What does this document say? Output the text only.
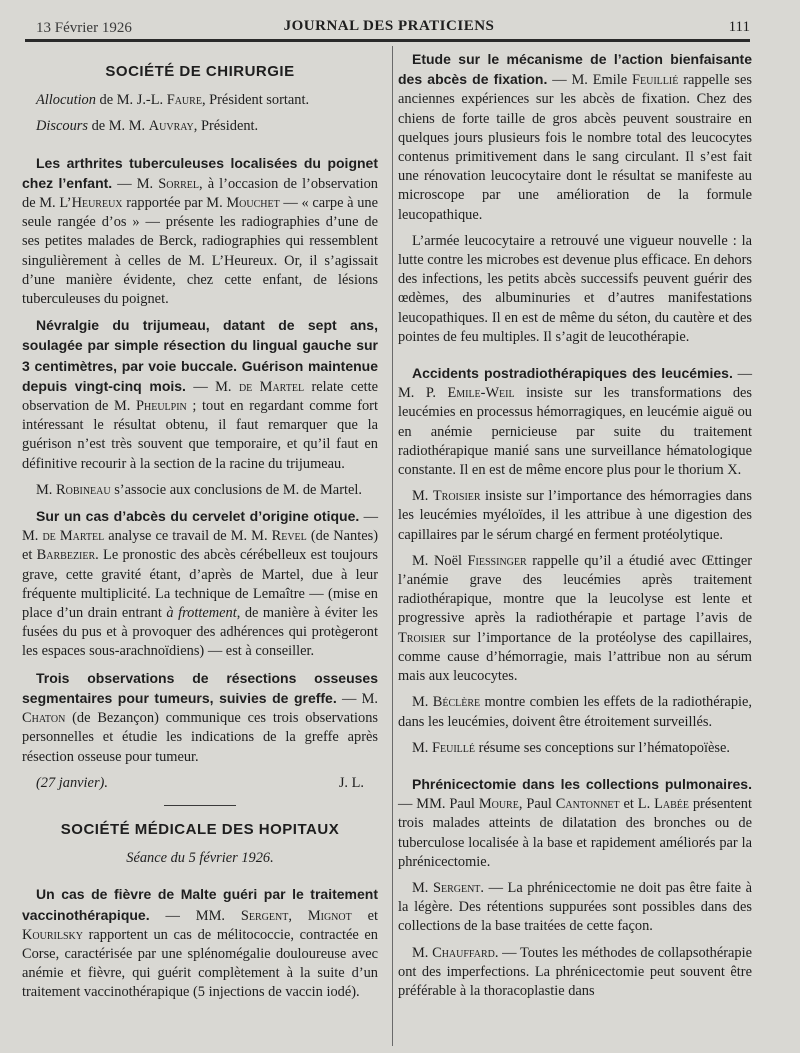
13 Février 1926	JOURNAL DES PRATICIENS	111
SOCIÉTÉ DE CHIRURGIE

Allocution de M. J.-L. Faure, Président sortant.

Discours de M. M. Auvray, Président.

Les arthrites tuberculeuses localisées du poignet chez l’enfant. — M. Sorrel, à l’occasion de l’observation de M. L’Heureux rapportée par M. Mouchet — « carpe à une seule rangée d’os » — présente les radiographies d’une de ses petites malades de Berck, radiographies qui ressemblent singulièrement à celles de M. L’Heureux. Or, il s’agissait d’une manière évidente, chez cette enfant, de lésions tuberculeuses du poignet.

Névralgie du trijumeau, datant de sept ans, soulagée par simple résection du lingual gauche sur 3 centimètres, par voie buccale. Guérison maintenue depuis vingt-cinq mois. — M. de Martel relate cette observation de M. Pheulpin ; tout en regardant comme fort intéressant le résultat obtenu, il faut remarquer que la guérison n’est très souvent que temporaire, et qu’il faut en définitive recourir à la section de la racine du trijumeau.

M. Robineau s’associe aux conclusions de M. de Martel.

Sur un cas d’abcès du cervelet d’origine otique. — M. de Martel analyse ce travail de M. M. Revel (de Nantes) et Barbezier. Le pronostic des abcès cérébelleux est toujours grave, cette gravité étant, d’après de Martel, due à leur fréquente multiplicité. La technique de Lemaître — (mise en place d’un drain entrant à frottement, de manière à éviter les fusées du pus et à provoquer des adhérences qui protègeront les espaces sous-arachnoïdiens) — est à conseiller.

Trois observations de résections osseuses segmentaires pour tumeurs, suivies de greffe. — M. Chaton (de Bezançon) communique ces trois observations personnelles et étudie les indications de la greffe après résection osseuse pour tumeur.

(27 janvier).	J. L.
SOCIÉTÉ MÉDICALE DES HOPITAUX

Séance du 5 février 1926.

Un cas de fièvre de Malte guéri par le traitement vaccinothérapique. — MM. Sergent, Mignot et Kourilsky rapportent un cas de mélitococcie, contractée en Corse, caractérisée par une splénomégalie douloureuse avec anémie et fièvre, qui guérit complètement à la suite d’un traitement vaccinothérapique (5 injections de vaccin iodé).

Etude sur le mécanisme de l’action bienfaisante des abcès de fixation. — M. Emile Feuillié rappelle ses anciennes expériences sur les abcès de fixation. Chez des chiens de forte taille de gros abcès peuvent soustraire en quelques jours plusieurs fois le nombre total des leucocytes contenus primitivement dans le sang circulant. Il s’est fait une rénovation leucocytaire dont le résultat se manifeste au microscope par une amélioration de la formule leucopathique.

L’armée leucocytaire a retrouvé une vigueur nouvelle : la lutte contre les microbes est devenue plus efficace. En dehors des infections, les petits abcès successifs peuvent guérir des œdèmes, des albuminuries et d’autres manifestations leucopathiques. Il en est de même du séton, du cautère et des pointes de feu multiples. Il s’agit de leucothérapie.

Accidents postradiothérapiques des leucémies. — M. P. Emile-Weil insiste sur les transformations des leucémies en processus hémorragiques, en leucémie aiguë ou en anémie pernicieuse par suite du traitement radiothérapique manié sans une surveillance hématologique constante. Il en est de même encore plus pour le thorium X.

M. Troisier insiste sur l’importance des hémorragies dans les leucémies myéloïdes, il les attribue à une digestion des capillaires par le sérum chargé en ferment protéolytique.

M. Noël Fiessinger rappelle qu’il a étudié avec Œttinger l’anémie grave des leucémies après traitement radiothérapique, montre que la leucolyse est lente et progressive après la radiothérapie et partage l’avis de Troisier sur l’importance de la protéolyse des capillaires, comme cause d’hémorragie, mais l’attribue non au sérum mais aux leucocytes.

M. Béclère montre combien les effets de la radiothérapie, dans les leucémies, doivent être étroitement surveillés.

M. Feuillé résume ses conceptions sur l’hématopoïèse.

Phrénicectomie dans les collections pulmonaires. — MM. Paul Moure, Paul Cantonnet et L. Labée présentent trois malades atteints de dilatation des bronches ou de tuberculose localisée à la base et rapidement améliorés par la phrénicectomie.

M. Sergent. — La phrénicectomie ne doit pas être faite à la légère. Des rétentions suppurées sont possibles dans des collections de la base traitées de cette façon.

M. Chauffard. — Toutes les méthodes de collapsothérapie ont des imperfections. La phrénicectomie peut souvent être préférable à la thoracoplastie dans
